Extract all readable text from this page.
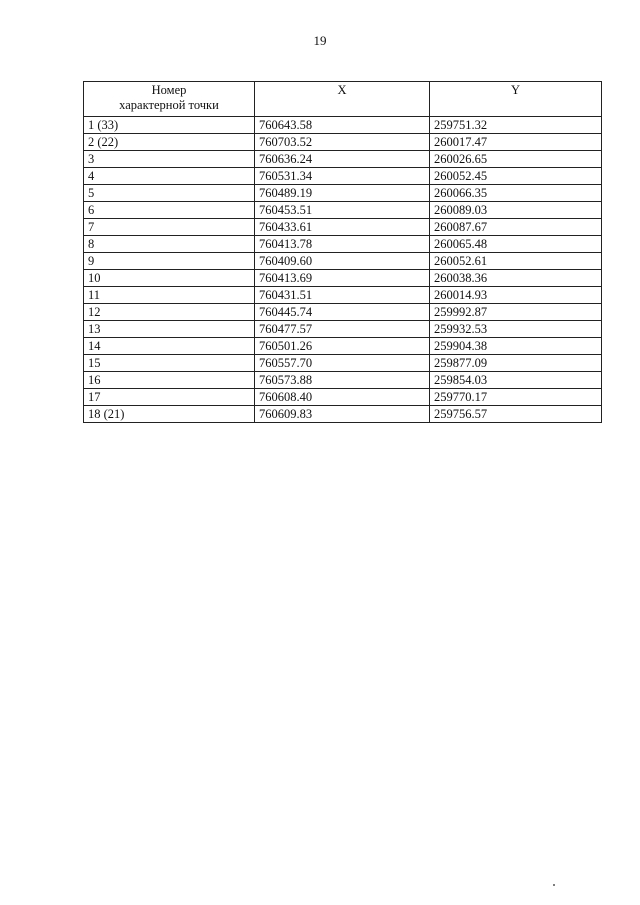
19
Номер
характерной точки	X	Y
1 (33)	760643.58	259751.32
2 (22)	760703.52	260017.47
3	760636.24	260026.65
4	760531.34	260052.45
5	760489.19	260066.35
6	760453.51	260089.03
7	760433.61	260087.67
8	760413.78	260065.48
9	760409.60	260052.61
10	760413.69	260038.36
11	760431.51	260014.93
12	760445.74	259992.87
13	760477.57	259932.53
14	760501.26	259904.38
15	760557.70	259877.09
16	760573.88	259854.03
17	760608.40	259770.17
18 (21)	760609.83	259756.57
